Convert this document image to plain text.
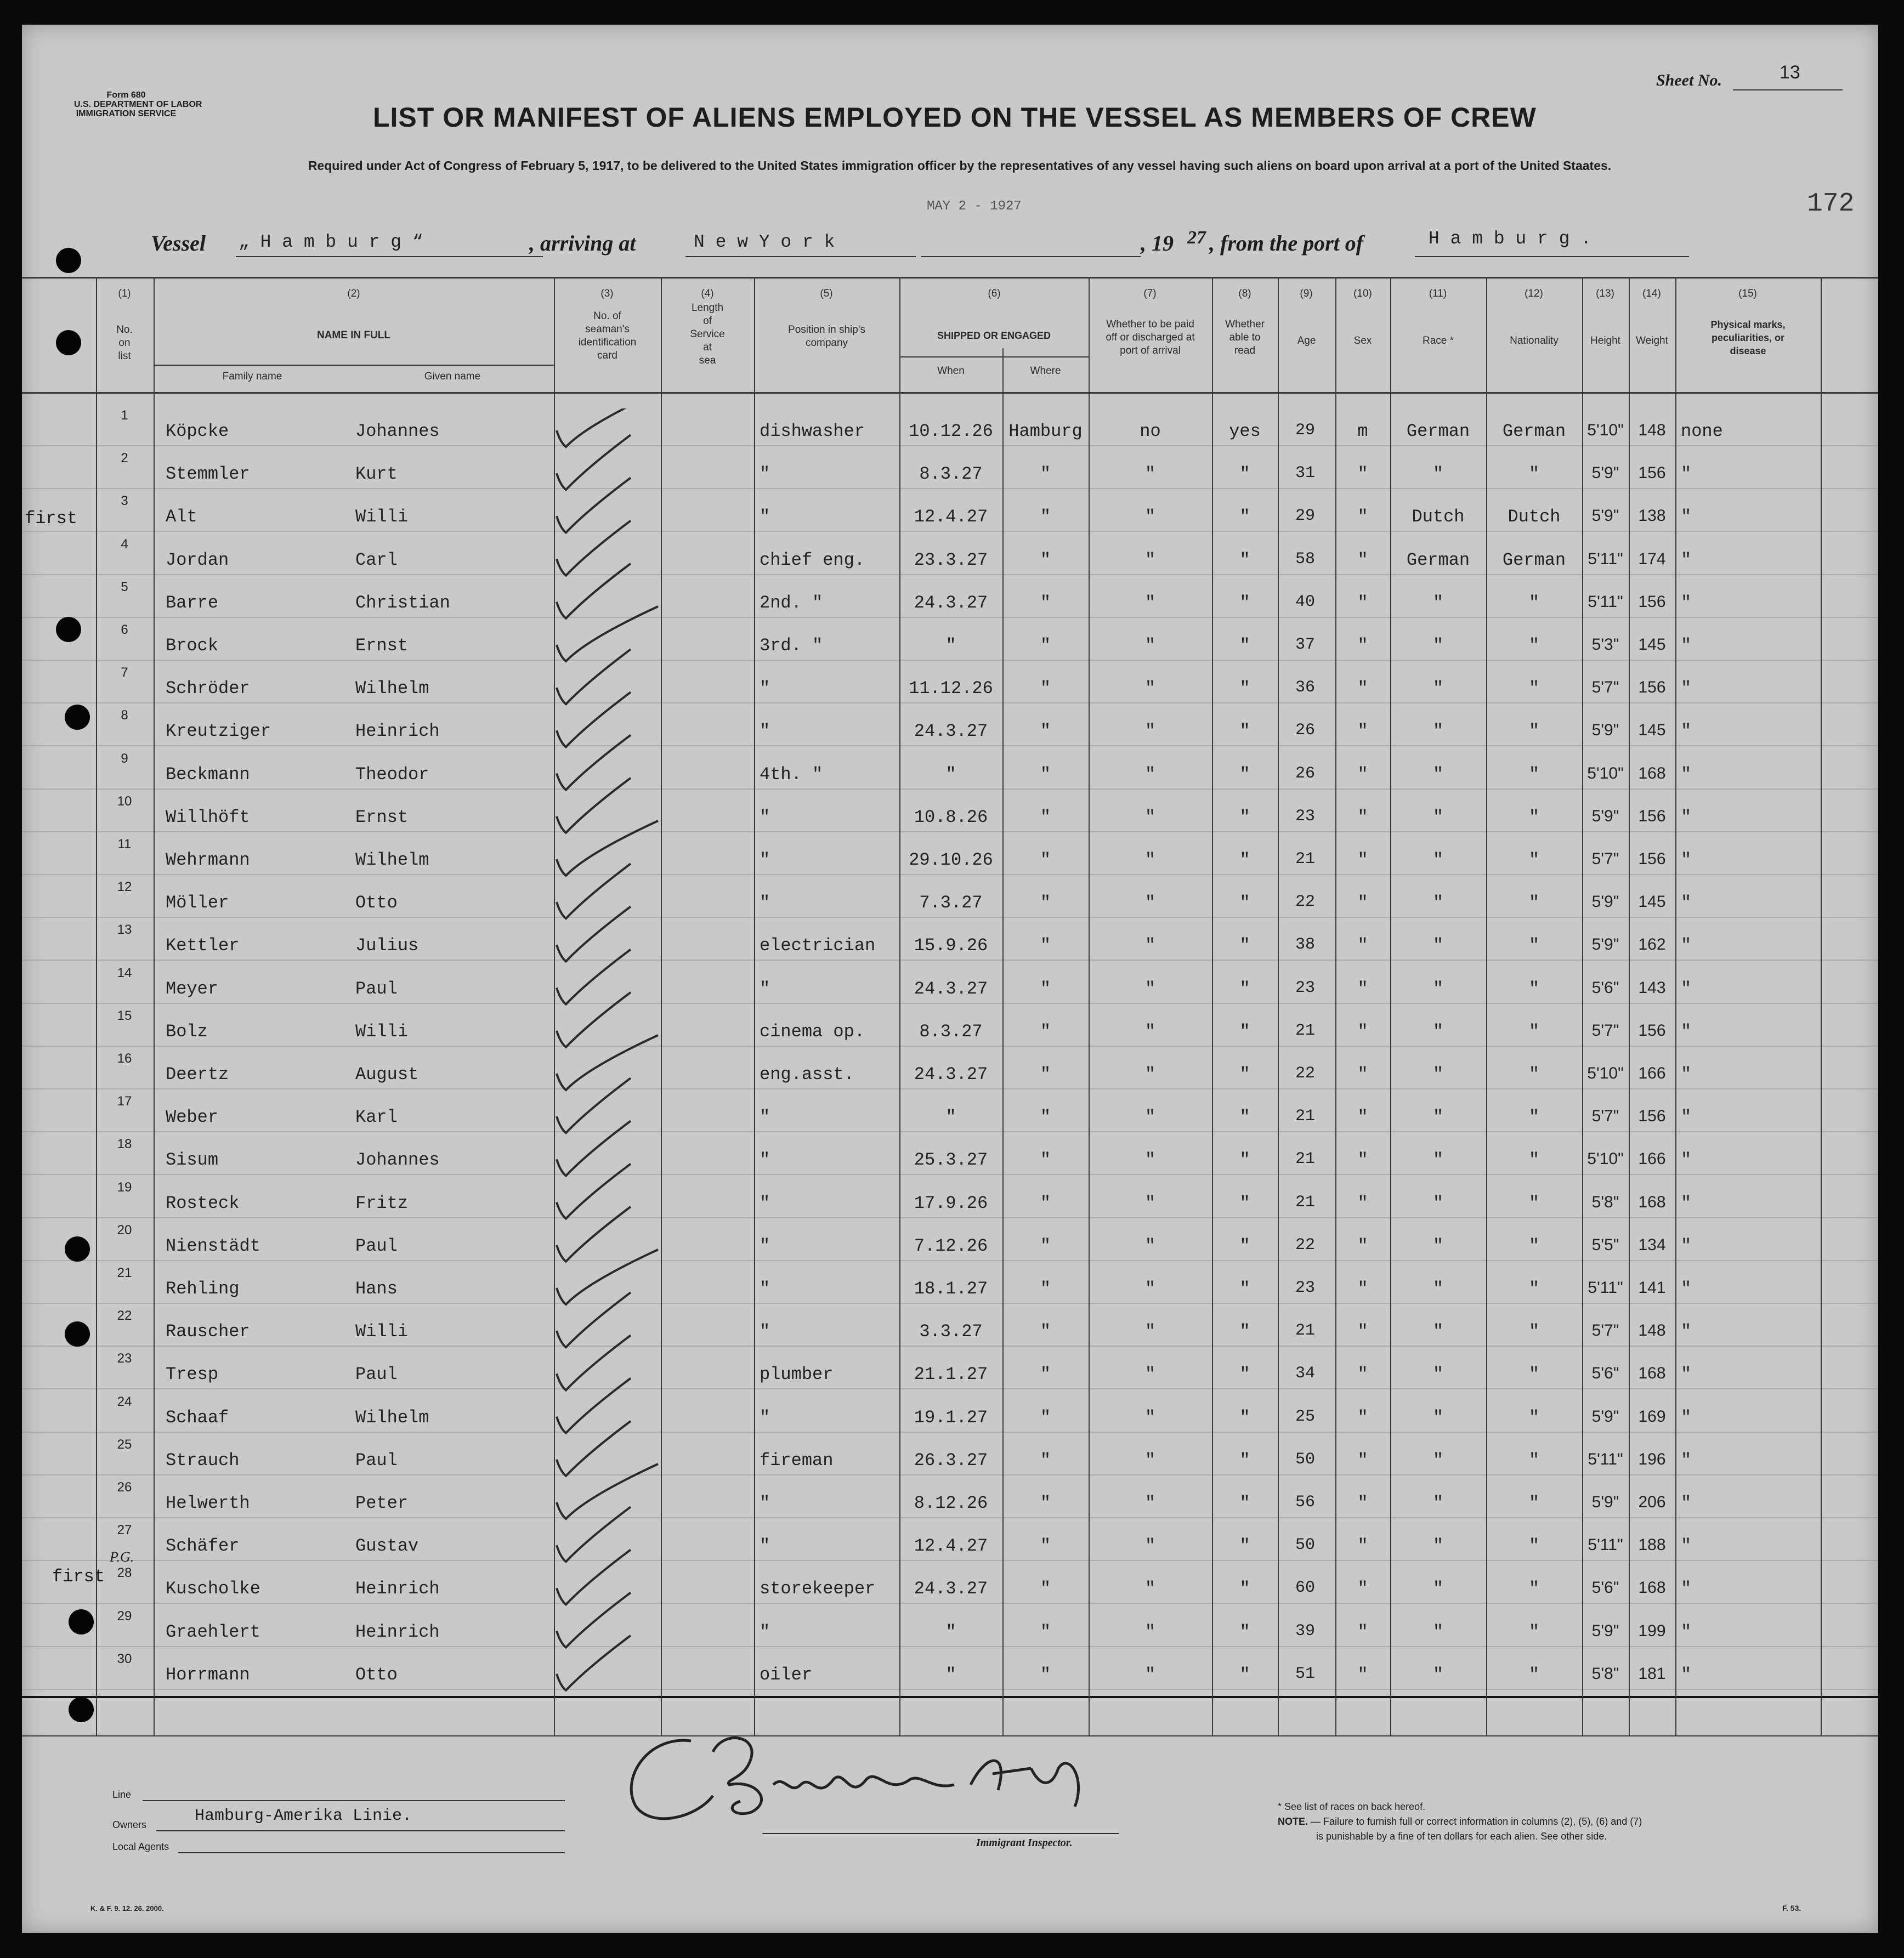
Form 680
U.S. DEPARTMENT OF LABOR
IMMIGRATION SERVICE
Sheet No.	13
172
LIST OR MANIFEST OF ALIENS EMPLOYED ON THE VESSEL AS MEMBERS OF CREW
Required under Act of Congress of February 5, 1917, to be delivered to the United States immigration officer by the representatives of any vessel having such aliens on board upon arrival at a port of the United Staates.
MAY 2 - 1927
Vessel „ H a m b u r g “	, arriving at	N e w Y o r k	, 19 27 , from the port of	H a m b u r g .
(1)	(2)	(3)	(4)	(5)	(6)	(7)	(8)	(9)	(10)	(11)	(12)	(13)	(14)	(15)
No.
on
list
NAME IN FULL
Family name	Given name
No. of
seaman's
identification
card
Length
of
Service
at
sea
Position in ship's
company
SHIPPED OR ENGAGED
When	Where
Whether to be paid
off or discharged at
port of arrival
Whether
able to
read
Age	Sex	Race *	Nationality	Height	Weight
Physical marks,
peculiarities, or
disease
first
first
P.G.
1
Köpcke	Johannes	dishwasher	10.12.26 Hamburg	no	yes	29	m	German	German	5'10" 148 none
2
Stemmler	Kurt	"	8.3.27	"	"	"	31	"	"	"	5'9"	156 "
3
Alt	Willi	"	12.4.27	"	"	"	29	"	Dutch	Dutch	5'9"	138 "
4
Jordan	Carl	chief eng.	23.3.27	"	"	"	58	"	German	German	5'11" 174 "
5
Barre	Christian	2nd. "	24.3.27	"	"	"	40	"	"	"	5'11" 156 "
6
Brock	Ernst	3rd. "	"	"	"	"	37	"	"	"	5'3"	145 "
7
Schröder	Wilhelm	"	11.12.26	"	"	"	36	"	"	"	5'7"	156 "
8
Kreutziger	Heinrich	"	24.3.27	"	"	"	26	"	"	"	5'9"	145 "
9
Beckmann	Theodor	4th. "	"	"	"	"	26	"	"	"	5'10" 168 "
10
Willhöft	Ernst	"	10.8.26	"	"	"	23	"	"	"	5'9"	156 "
11
Wehrmann	Wilhelm	"	29.10.26	"	"	"	21	"	"	"	5'7"	156 "
12
Möller	Otto	"	7.3.27	"	"	"	22	"	"	"	5'9"	145 "
13
Kettler	Julius	electrician	15.9.26	"	"	"	38	"	"	"	5'9"	162 "
14
Meyer	Paul	"	24.3.27	"	"	"	23	"	"	"	5'6"	143 "
15
Bolz	Willi	cinema op.	8.3.27	"	"	"	21	"	"	"	5'7"	156 "
16
Deertz	August	eng.asst.	24.3.27	"	"	"	22	"	"	"	5'10" 166 "
17
Weber	Karl	"	"	"	"	"	21	"	"	"	5'7"	156 "
18
Sisum	Johannes	"	25.3.27	"	"	"	21	"	"	"	5'10" 166 "
19
Rosteck	Fritz	"	17.9.26	"	"	"	21	"	"	"	5'8"	168 "
20
Nienstädt	Paul	"	7.12.26	"	"	"	22	"	"	"	5'5"	134 "
21
Rehling	Hans	"	18.1.27	"	"	"	23	"	"	"	5'11" 141 "
22
Rauscher	Willi	"	3.3.27	"	"	"	21	"	"	"	5'7"	148 "
23
Tresp	Paul	plumber	21.1.27	"	"	"	34	"	"	"	5'6"	168 "
24
Schaaf	Wilhelm	"	19.1.27	"	"	"	25	"	"	"	5'9"	169 "
25
Strauch	Paul	fireman	26.3.27	"	"	"	50	"	"	"	5'11" 196 "
26
Helwerth	Peter	"	8.12.26	"	"	"	56	"	"	"	5'9"	206 "
27
Schäfer	Gustav	"	12.4.27	"	"	"	50	"	"	"	5'11" 188 "
28
Kuscholke	Heinrich	storekeeper	24.3.27	"	"	"	60	"	"	"	5'6"	168 "
29
Graehlert	Heinrich	"	"	"	"	"	39	"	"	"	5'9"	199 "
30
Horrmann	Otto	oiler	"	"	"	"	51	"	"	"	5'8"	181 "
Line
Owners	Hamburg-Amerika Linie.
Local Agents	Immigrant Inspector.
* See list of races on back hereof.
NOTE. — Failure to furnish full or correct information in columns (2), (5), (6) and (7)
is punishable by a fine of ten dollars for each alien. See other side.
K. & F. 9. 12. 26. 2000.	F. 53.
